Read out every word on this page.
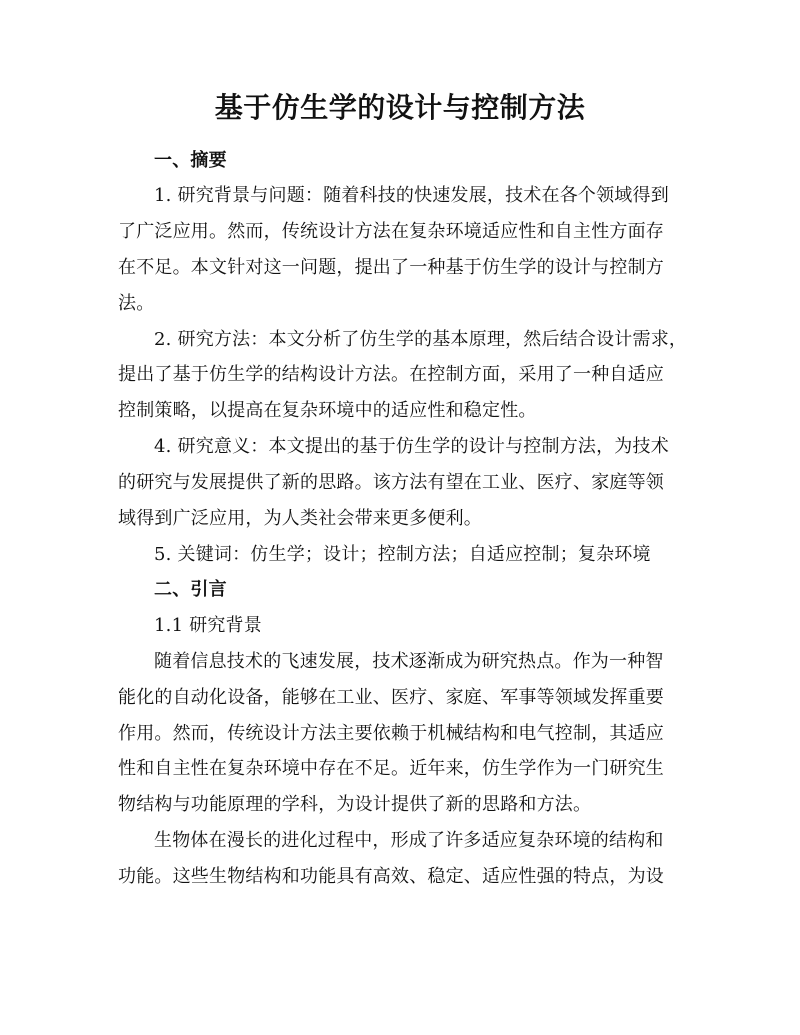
基于仿生学的设计与控制方法
一、摘要
1. 研究背景与问题：随着科技的快速发展，技术在各个领域得到
了广泛应用。然而，传统设计方法在复杂环境适应性和自主性方面存
在不足。本文针对这一问题，提出了一种基于仿生学的设计与控制方
法。
2. 研究方法：本文分析了仿生学的基本原理，然后结合设计需求，
提出了基于仿生学的结构设计方法。在控制方面，采用了一种自适应
控制策略，以提高在复杂环境中的适应性和稳定性。
4. 研究意义：本文提出的基于仿生学的设计与控制方法，为技术
的研究与发展提供了新的思路。该方法有望在工业、医疗、家庭等领
域得到广泛应用，为人类社会带来更多便利。
5. 关键词：仿生学；设计；控制方法；自适应控制；复杂环境
二、引言
1.1 研究背景
随着信息技术的飞速发展，技术逐渐成为研究热点。作为一种智
能化的自动化设备，能够在工业、医疗、家庭、军事等领域发挥重要
作用。然而，传统设计方法主要依赖于机械结构和电气控制，其适应
性和自主性在复杂环境中存在不足。近年来，仿生学作为一门研究生
物结构与功能原理的学科，为设计提供了新的思路和方法。
生物体在漫长的进化过程中，形成了许多适应复杂环境的结构和
功能。这些生物结构和功能具有高效、稳定、适应性强的特点，为设
